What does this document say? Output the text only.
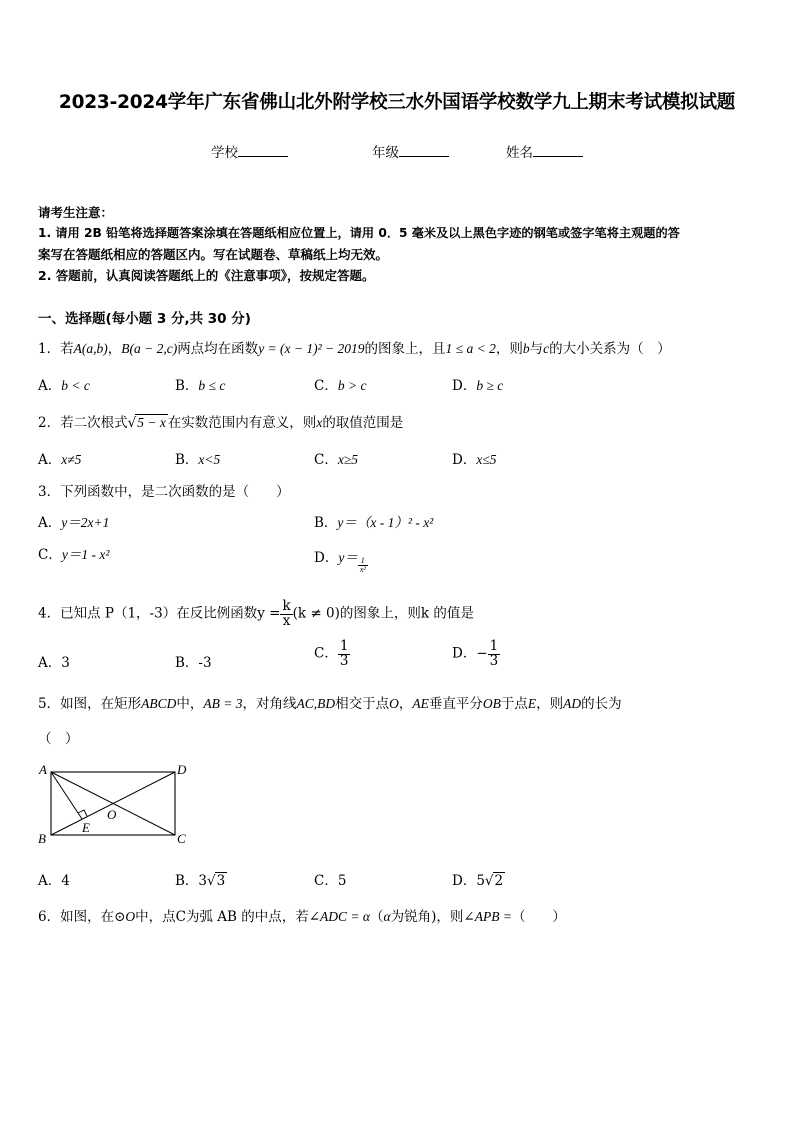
2023-2024学年广东省佛山北外附学校三水外国语学校数学九上期末考试模拟试题
学校	年级	姓名
请考生注意：
1. 请用 2B 铅笔将选择题答案涂填在答题纸相应位置上，请用 0．5 毫米及以上黑色字迹的钢笔或签字笔将主观题的答
案写在答题纸相应的答题区内。写在试题卷、草稿纸上均无效。
2. 答题前，认真阅读答题纸上的《注意事项》，按规定答题。
一、选择题(每小题 3 分,共 30 分)
1．若A(a,b)，B(a − 2,c)两点均在函数y = (x − 1)² − 2019的图象上，且1 ≤ a < 2，则b与c的大小关系为（　）
A．b < c	B．b ≤ c	C．b > c	D．b ≥ c
2．若二次根式√5 − x 在实数范围内有意义，则x的取值范围是
A．x≠5	B．x<5	C．x≥5	D．x≤5
3．下列函数中，是二次函数的是（　　）
A．y＝2x+1	B．y＝（x - 1）² - x²
C．y＝1 - x²	D．$y= \frac{1}{\text{x²}}$
4．已知点 P（1，-3）在反比例函数$y = \frac{k}{x} (k \ne 0)$的图象上，则k 的值是
A．3	B．-3
C． $\frac{1}{3}$	D．− $\frac{1}{3}$
5．如图，在矩形ABCD中，AB = 3，对角线AC,BD相交于点O，AE垂直平分OB于点E，则AD的长为
（　）
A
B	C
D
E
O
A．4	B．3√3	C．5	D．5√2
6．如图，在⊙O中，点C为弧 AB 的中点，若∠ADC = α（α为锐角)，则∠APB =（　　）
